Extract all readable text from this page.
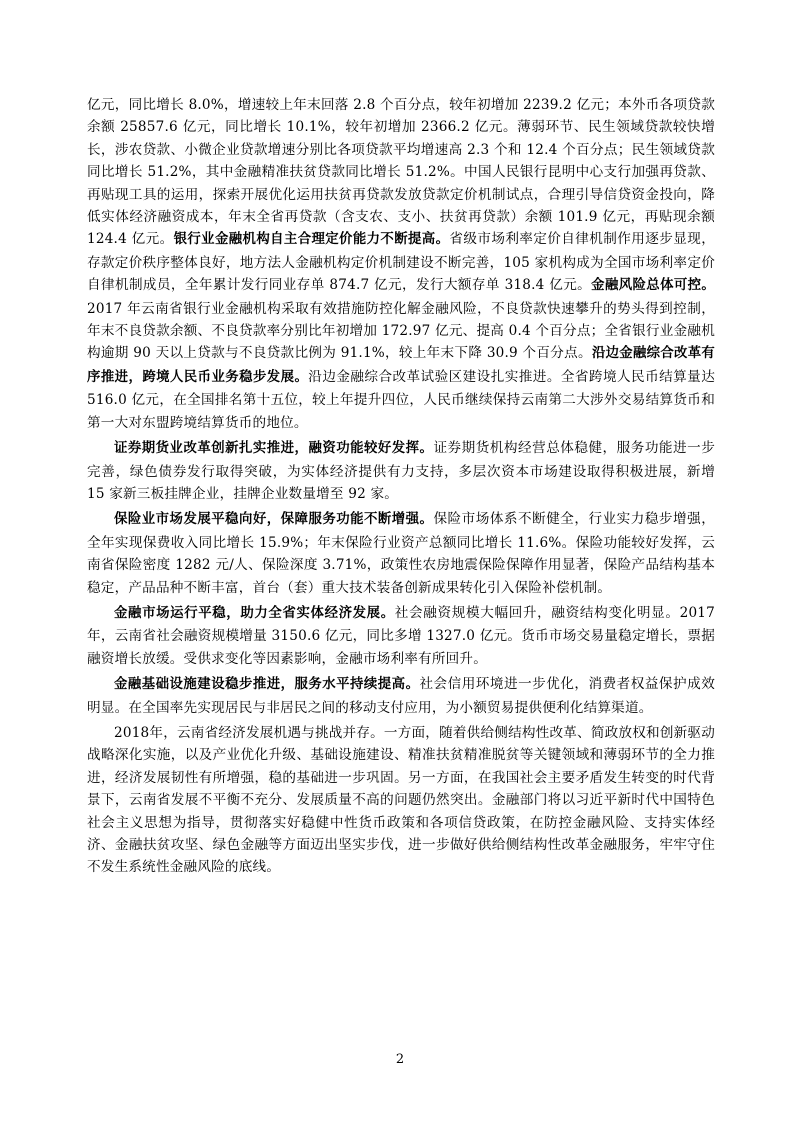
亿元，同比增长 8.0%，增速较上年末回落 2.8 个百分点，较年初增加 2239.2 亿元；本外币各项贷款余额 25857.6 亿元，同比增长 10.1%，较年初增加 2366.2 亿元。薄弱环节、民生领域贷款较快增长，涉农贷款、小微企业贷款增速分别比各项贷款平均增速高 2.3 个和 12.4 个百分点；民生领域贷款同比增长 51.2%，其中金融精准扶贫贷款同比增长 51.2%。中国人民银行昆明中心支行加强再贷款、再贴现工具的运用，探索开展优化运用扶贫再贷款发放贷款定价机制试点，合理引导信贷资金投向，降低实体经济融资成本，年末全省再贷款（含支农、支小、扶贫再贷款）余额 101.9 亿元，再贴现余额 124.4 亿元。银行业金融机构自主合理定价能力不断提高。省级市场利率定价自律机制作用逐步显现，存款定价秩序整体良好，地方法人金融机构定价机制建设不断完善，105 家机构成为全国市场利率定价自律机制成员，全年累计发行同业存单 874.7 亿元，发行大额存单 318.4 亿元。金融风险总体可控。2017 年云南省银行业金融机构采取有效措施防控化解金融风险，不良贷款快速攀升的势头得到控制，年末不良贷款余额、不良贷款率分别比年初增加 172.97 亿元、提高 0.4 个百分点；全省银行业金融机构逾期 90 天以上贷款与不良贷款比例为 91.1%，较上年末下降 30.9 个百分点。沿边金融综合改革有序推进，跨境人民币业务稳步发展。沿边金融综合改革试验区建设扎实推进。全省跨境人民币结算量达 516.0 亿元，在全国排名第十五位，较上年提升四位，人民币继续保持云南第二大涉外交易结算货币和第一大对东盟跨境结算货币的地位。

证券期货业改革创新扎实推进，融资功能较好发挥。证券期货机构经营总体稳健，服务功能进一步完善，绿色债券发行取得突破，为实体经济提供有力支持，多层次资本市场建设取得积极进展，新增 15 家新三板挂牌企业，挂牌企业数量增至 92 家。

保险业市场发展平稳向好，保障服务功能不断增强。保险市场体系不断健全，行业实力稳步增强，全年实现保费收入同比增长 15.9%；年末保险行业资产总额同比增长 11.6%。保险功能较好发挥，云南省保险密度 1282 元/人、保险深度 3.71%，政策性农房地震保险保障作用显著，保险产品结构基本稳定，产品品种不断丰富，首台（套）重大技术装备创新成果转化引入保险补偿机制。

金融市场运行平稳，助力全省实体经济发展。社会融资规模大幅回升，融资结构变化明显。2017 年，云南省社会融资规模增量 3150.6 亿元，同比多增 1327.0 亿元。货币市场交易量稳定增长，票据融资增长放缓。受供求变化等因素影响，金融市场利率有所回升。

金融基础设施建设稳步推进，服务水平持续提高。社会信用环境进一步优化，消费者权益保护成效明显。在全国率先实现居民与非居民之间的移动支付应用，为小额贸易提供便利化结算渠道。

2018年，云南省经济发展机遇与挑战并存。一方面，随着供给侧结构性改革、简政放权和创新驱动战略深化实施，以及产业优化升级、基础设施建设、精准扶贫精准脱贫等关键领域和薄弱环节的全力推进，经济发展韧性有所增强，稳的基础进一步巩固。另一方面，在我国社会主要矛盾发生转变的时代背景下，云南省发展不平衡不充分、发展质量不高的问题仍然突出。金融部门将以习近平新时代中国特色社会主义思想为指导，贯彻落实好稳健中性货币政策和各项信贷政策，在防控金融风险、支持实体经济、金融扶贫攻坚、绿色金融等方面迈出坚实步伐，进一步做好供给侧结构性改革金融服务，牢牢守住不发生系统性金融风险的底线。

2
